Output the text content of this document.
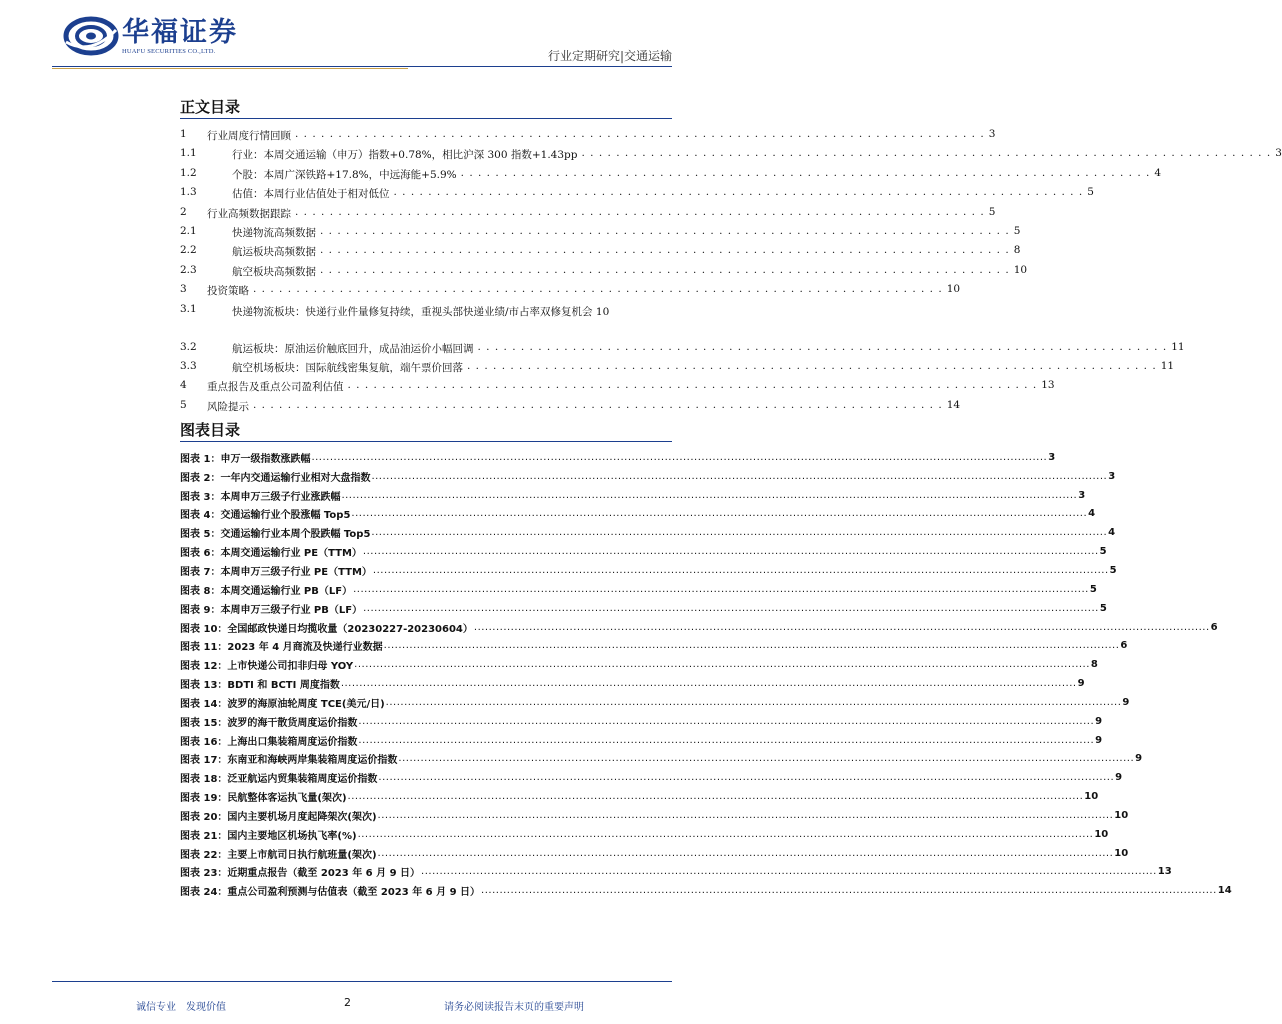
华福证券
HUAFU SECURITIES CO.,LTD.	行业定期研究|交通运输
正文目录
1	行业周度行情回顾 . . . . . . . . . . . . . . . . . . . . . . . . . . . . . . . . . . . . . . . . . . . . . . . . . . . . . . . . . . . . . . . . . . . . . . . . . . . . . . . . 3
1.1	行业：本周交通运输（申万）指数+0.78%，相比沪深 300 指数+1.43pp . . . . . . . . . . . . . . . . . . . . . . . . . . . . . . . . . . . . . . . . . . . . . . . . . . . . . . . . . . . . . . . . . . . . . . . . . . . . . . . . 3
1.2	个股：本周广深铁路+17.8%，中远海能+5.9% . . . . . . . . . . . . . . . . . . . . . . . . . . . . . . . . . . . . . . . . . . . . . . . . . . . . . . . . . . . . . . . . . . . . . . . . . . . . . . . . 4
1.3	估值：本周行业估值处于相对低位 . . . . . . . . . . . . . . . . . . . . . . . . . . . . . . . . . . . . . . . . . . . . . . . . . . . . . . . . . . . . . . . . . . . . . . . . . . . . . . . . 5
2	行业高频数据跟踪 . . . . . . . . . . . . . . . . . . . . . . . . . . . . . . . . . . . . . . . . . . . . . . . . . . . . . . . . . . . . . . . . . . . . . . . . . . . . . . . . 5
2.1	快递物流高频数据 . . . . . . . . . . . . . . . . . . . . . . . . . . . . . . . . . . . . . . . . . . . . . . . . . . . . . . . . . . . . . . . . . . . . . . . . . . . . . . . . 5
2.2	航运板块高频数据 . . . . . . . . . . . . . . . . . . . . . . . . . . . . . . . . . . . . . . . . . . . . . . . . . . . . . . . . . . . . . . . . . . . . . . . . . . . . . . . . 8
2.3	航空板块高频数据 . . . . . . . . . . . . . . . . . . . . . . . . . . . . . . . . . . . . . . . . . . . . . . . . . . . . . . . . . . . . . . . . . . . . . . . . . . . . . . . . 10
3	投资策略 . . . . . . . . . . . . . . . . . . . . . . . . . . . . . . . . . . . . . . . . . . . . . . . . . . . . . . . . . . . . . . . . . . . . . . . . . . . . . . . . 10
3.1	快递物流板块：快递行业件量修复持续，重视头部快递业绩/市占率双修复机会 10
3.2	航运板块：原油运价触底回升，成品油运价小幅回调 . . . . . . . . . . . . . . . . . . . . . . . . . . . . . . . . . . . . . . . . . . . . . . . . . . . . . . . . . . . . . . . . . . . . . . . . . . . . . . . . 11
3.3	航空机场板块：国际航线密集复航，端午票价回落 . . . . . . . . . . . . . . . . . . . . . . . . . . . . . . . . . . . . . . . . . . . . . . . . . . . . . . . . . . . . . . . . . . . . . . . . . . . . . . . . 11
4	重点报告及重点公司盈利估值 . . . . . . . . . . . . . . . . . . . . . . . . . . . . . . . . . . . . . . . . . . . . . . . . . . . . . . . . . . . . . . . . . . . . . . . . . . . . . . . . 13
5	风险提示 . . . . . . . . . . . . . . . . . . . . . . . . . . . . . . . . . . . . . . . . . . . . . . . . . . . . . . . . . . . . . . . . . . . . . . . . . . . . . . . . 14
图表目录
图表 1：申万一级指数涨跌幅 ........................................................................................................................................................................................................ 3
图表 2：一年内交通运输行业相对大盘指数 ........................................................................................................................................................................................................ 3
图表 3：本周申万三级子行业涨跌幅 ........................................................................................................................................................................................................ 3
图表 4：交通运输行业个股涨幅 Top5 ........................................................................................................................................................................................................ 4
图表 5：交通运输行业本周个股跌幅 Top5 ........................................................................................................................................................................................................ 4
图表 6：本周交通运输行业 PE（TTM） ........................................................................................................................................................................................................ 5
图表 7：本周申万三级子行业 PE（TTM） ........................................................................................................................................................................................................ 5
图表 8：本周交通运输行业 PB（LF） ........................................................................................................................................................................................................ 5
图表 9：本周申万三级子行业 PB（LF） ........................................................................................................................................................................................................ 5
图表 10：全国邮政快递日均揽收量（20230227-20230604） ........................................................................................................................................................................................................ 6
图表 11：2023 年 4 月商流及快递行业数据 ........................................................................................................................................................................................................ 6
图表 12：上市快递公司扣非归母 YOY ........................................................................................................................................................................................................ 8
图表 13：BDTI 和 BCTI 周度指数 ........................................................................................................................................................................................................ 9
图表 14：波罗的海原油轮周度 TCE(美元/日) ........................................................................................................................................................................................................ 9
图表 15：波罗的海干散货周度运价指数 ........................................................................................................................................................................................................ 9
图表 16：上海出口集装箱周度运价指数 ........................................................................................................................................................................................................ 9
图表 17：东南亚和海峡两岸集装箱周度运价指数 ........................................................................................................................................................................................................ 9
图表 18：泛亚航运内贸集装箱周度运价指数 ........................................................................................................................................................................................................ 9
图表 19：民航整体客运执飞量(架次) ........................................................................................................................................................................................................ 10
图表 20：国内主要机场月度起降架次(架次) ........................................................................................................................................................................................................ 10
图表 21：国内主要地区机场执飞率(%) ........................................................................................................................................................................................................ 10
图表 22：主要上市航司日执行航班量(架次) ........................................................................................................................................................................................................ 10
图表 23：近期重点报告（截至 2023 年 6 月 9 日） ........................................................................................................................................................................................................ 13
图表 24：重点公司盈利预测与估值表（截至 2023 年 6 月 9 日） ........................................................................................................................................................................................................ 14
诚信专业　发现价值	2	请务必阅读报告末页的重要声明
